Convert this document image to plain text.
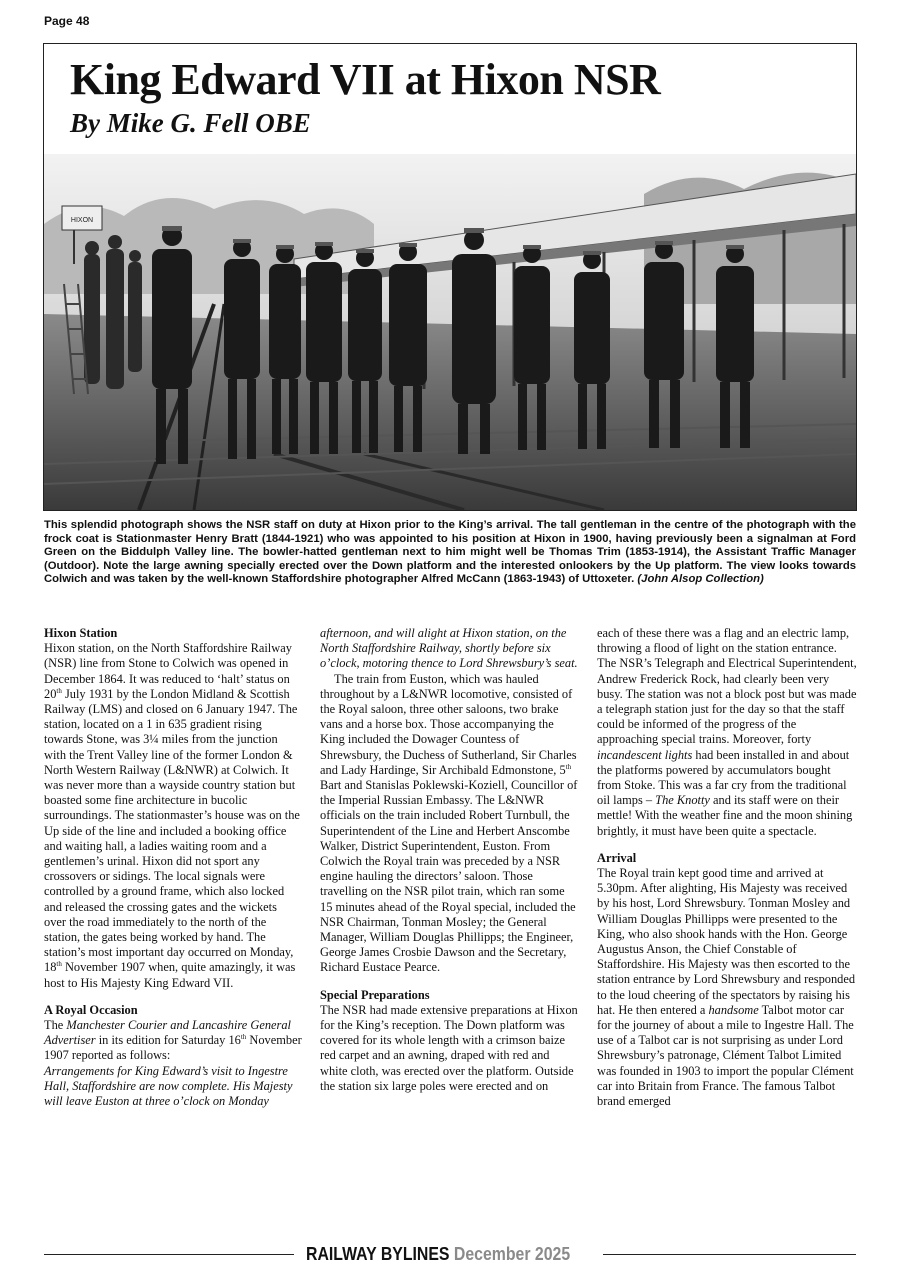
Page 48
King Edward VII at Hixon NSR
By Mike G. Fell OBE
HIXON

This splendid photograph shows the NSR staff on duty at Hixon prior to the King’s arrival. The tall gentleman in the centre of the photograph with the frock coat is Stationmaster Henry Bratt (1844-1921) who was appointed to his position at Hixon in 1900, having previously been a signalman at Ford Green on the Biddulph Valley line. The bowler-hatted gentleman next to him might well be Thomas Trim (1853-1914), the Assistant Traffic Manager (Outdoor). Note the large awning specially erected over the Down platform and the interested onlookers by the Up platform. The view looks towards Colwich and was taken by the well-known Staffordshire photographer Alfred McCann (1863-1943) of Uttoxeter. (John Alsop Collection)

Hixon Station

Hixon station, on the North Staffordshire Railway (NSR) line from Stone to Colwich was opened in December 1864. It was reduced to ‘halt’ status on 20th July 1931 by the London Midland & Scottish Railway (LMS) and closed on 6 January 1947. The station, located on a 1 in 635 gradient rising towards Stone, was 3¼ miles from the junction with the Trent Valley line of the former London & North Western Railway (L&NWR) at Colwich. It was never more than a wayside country station but boasted some fine architecture in bucolic surroundings. The stationmaster’s house was on the Up side of the line and included a booking office and waiting hall, a ladies waiting room and a gentlemen’s urinal. Hixon did not sport any crossovers or sidings. The local signals were controlled by a ground frame, which also locked and released the crossing gates and the wickets over the road immediately to the north of the station, the gates being worked by hand. The station’s most important day occurred on Monday, 18th November 1907 when, quite amazingly, it was host to His Majesty King Edward VII.

A Royal Occasion

The Manchester Courier and Lancashire General Advertiser in its edition for Saturday 16th November 1907 reported as follows:
Arrangements for King Edward’s visit to Ingestre Hall, Staffordshire are now complete. His Majesty will leave Euston at three o’clock on Monday

afternoon, and will alight at Hixon station, on the North Staffordshire Railway, shortly before six o’clock, motoring thence to Lord Shrewsbury’s seat.

The train from Euston, which was hauled throughout by a L&NWR locomotive, consisted of the Royal saloon, three other saloons, two brake vans and a horse box. Those accompanying the King included the Dowager Countess of Shrewsbury, the Duchess of Sutherland, Sir Charles and Lady Hardinge, Sir Archibald Edmonstone, 5th Bart and Stanislas Poklewski-Koziell, Councillor of the Imperial Russian Embassy. The L&NWR officials on the train included Robert Turnbull, the Superintendent of the Line and Herbert Anscombe Walker, District Superintendent, Euston. From Colwich the Royal train was preceded by a NSR engine hauling the directors’ saloon. Those travelling on the NSR pilot train, which ran some 15 minutes ahead of the Royal special, included the NSR Chairman, Tonman Mosley; the General Manager, William Douglas Phillipps; the Engineer, George James Crosbie Dawson and the Secretary, Richard Eustace Pearce.

Special Preparations

The NSR had made extensive preparations at Hixon for the King’s reception. The Down platform was covered for its whole length with a crimson baize red carpet and an awning, draped with red and white cloth, was erected over the platform. Outside the station six large poles were erected and on

each of these there was a flag and an electric lamp, throwing a flood of light on the station entrance. The NSR’s Telegraph and Electrical Superintendent, Andrew Frederick Rock, had clearly been very busy. The station was not a block post but was made a telegraph station just for the day so that the staff could be informed of the progress of the approaching special trains. Moreover, forty incandescent lights had been installed in and about the platforms powered by accumulators bought from Stoke. This was a far cry from the traditional oil lamps – The Knotty and its staff were on their mettle! With the weather fine and the moon shining brightly, it must have been quite a spectacle.

Arrival

The Royal train kept good time and arrived at 5.30pm. After alighting, His Majesty was received by his host, Lord Shrewsbury. Tonman Mosley and William Douglas Phillipps were presented to the King, who also shook hands with the Hon. George Augustus Anson, the Chief Constable of Staffordshire. His Majesty was then escorted to the station entrance by Lord Shrewsbury and responded to the loud cheering of the spectators by raising his hat. He then entered a handsome Talbot motor car for the journey of about a mile to Ingestre Hall. The use of a Talbot car is not surprising as under Lord Shrewsbury’s patronage, Clément Talbot Limited was founded in 1903 to import the popular Clément car into Britain from France. The famous Talbot brand emerged

RAILWAY BYLINES December 2025
